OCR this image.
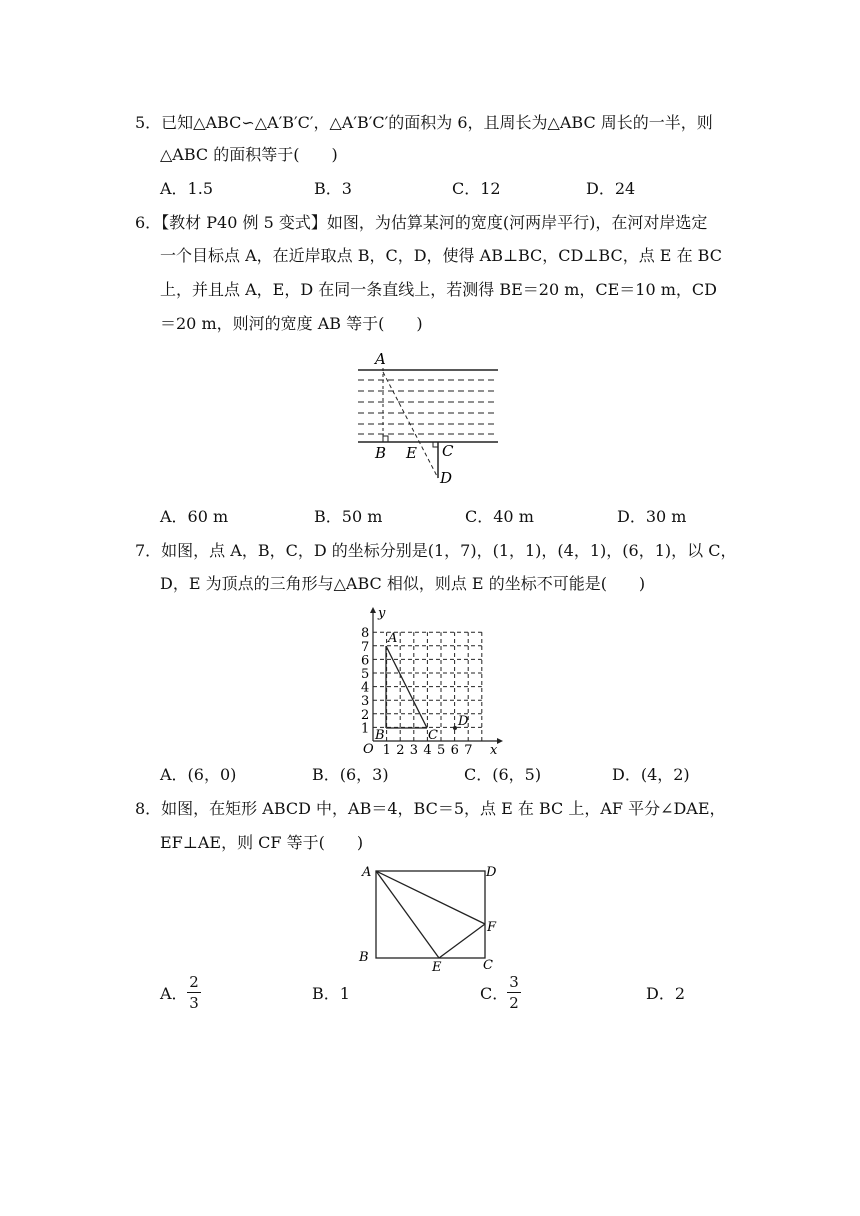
5．已知△ABC∽△A′B′C′，△A′B′C′的面积为 6，且周长为△ABC 周长的一半，则
△ABC 的面积等于(　　)
A．1.5	B．3	C．12	D．24
6．【教材 P40 例 5 变式】如图，为估算某河的宽度(河两岸平行)，在河对岸选定
一个目标点 A，在近岸取点 B，C，D，使得 AB⊥BC，CD⊥BC，点 E 在 BC
上，并且点 A，E，D 在同一条直线上，若测得 BE＝20 m，CE＝10 m，CD
＝20 m，则河的宽度 AB 等于(　　)
A
B E C
D
A．60 m	B．50 m	C．40 m	D．30 m
7．如图，点 A，B，C，D 的坐标分别是(1，7)，(1，1)，(4，1)，(6，1)，以 C，
D，E 为顶点的三角形与△ABC 相似，则点 E 的坐标不可能是(　　)
1 2 3 4 5 6 7
1
2
3
4
5
6
7
8
y
x
O
A
B	C
D
A．(6，0)	B．(6，3)	C．(6，5)	D．(4，2)
8．如图，在矩形 ABCD 中，AB＝4，BC＝5，点 E 在 BC 上，AF 平分∠DAE，
EF⊥AE，则 CF 等于(　　)
A	D
B
E	C
F
A．
2
3	B．1	C．
3
2	D．2
